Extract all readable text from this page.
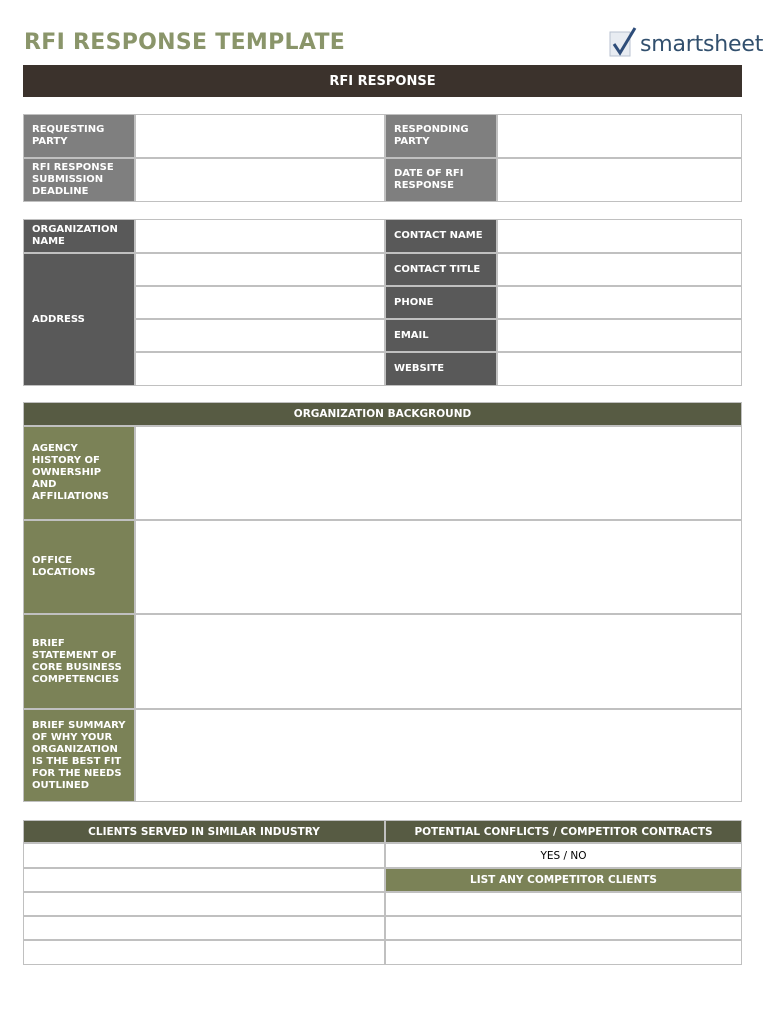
RFI RESPONSE TEMPLATE	smartsheet
RFI RESPONSE
REQUESTING PARTY
RESPONDING PARTY
RFI RESPONSE SUBMISSION DEADLINE
DATE OF RFI RESPONSE
ORGANIZATION NAME
ADDRESS
CONTACT NAME
CONTACT TITLE
PHONE
EMAIL
WEBSITE
ORGANIZATION BACKGROUND
AGENCY HISTORY OF OWNERSHIP AND AFFILIATIONS
OFFICE LOCATIONS
BRIEF STATEMENT OF CORE BUSINESS COMPETENCIES
BRIEF SUMMARY OF WHY YOUR ORGANIZATION IS THE BEST FIT FOR THE NEEDS OUTLINED
CLIENTS SERVED IN SIMILAR INDUSTRY	POTENTIAL CONFLICTS / COMPETITOR CONTRACTS
YES / NO
LIST ANY COMPETITOR CLIENTS
